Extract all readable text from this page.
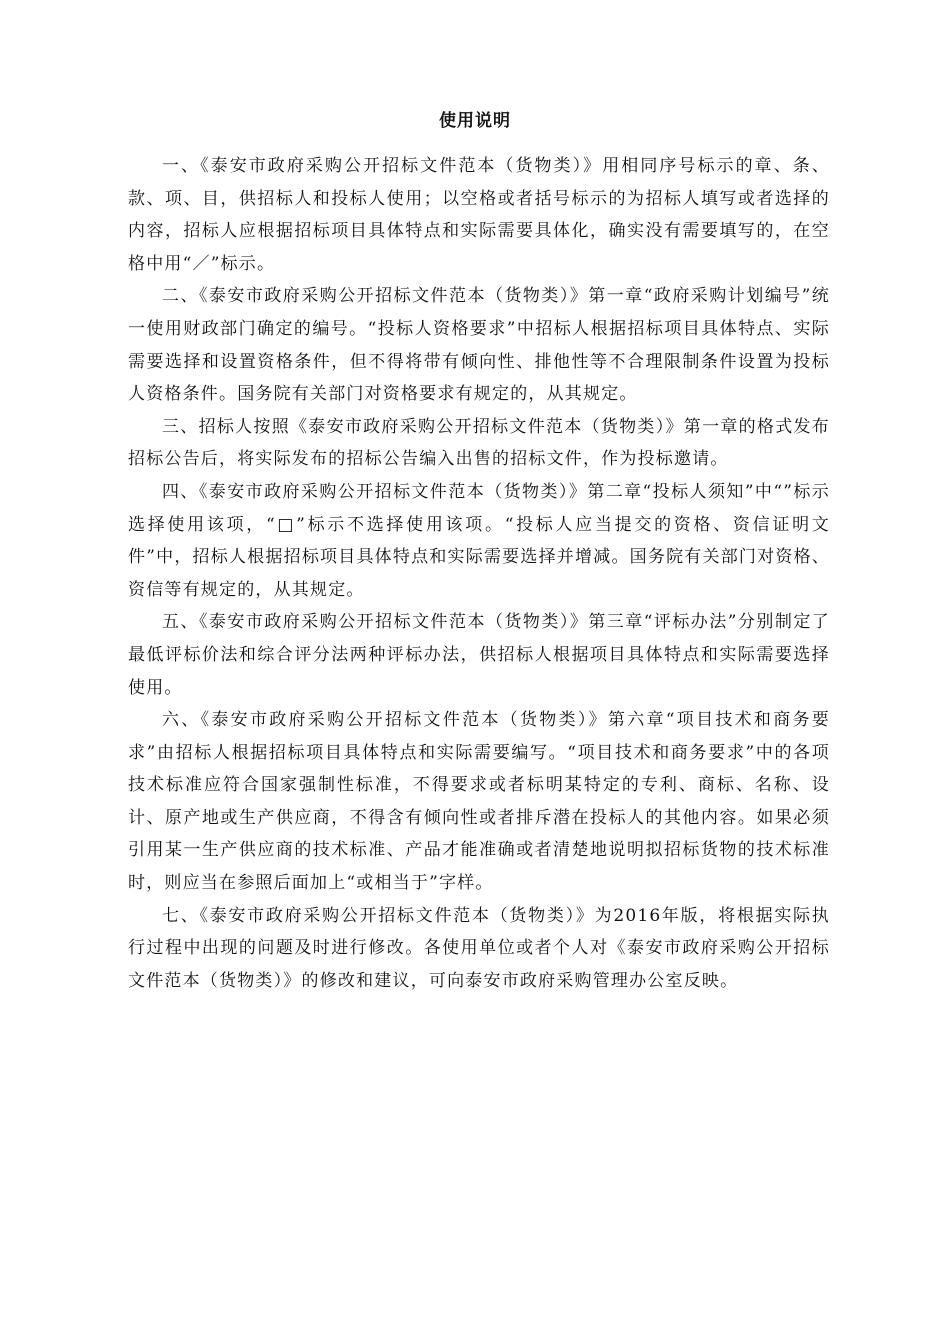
使用说明

一、《泰安市政府采购公开招标文件范本（货物类）》用相同序号标示的章、条、款、项、目，供招标人和投标人使用；以空格或者括号标示的为招标人填写或者选择的内容，招标人应根据招标项目具体特点和实际需要具体化，确实没有需要填写的，在空格中用“／”标示。

二、《泰安市政府采购公开招标文件范本（货物类）》第一章“政府采购计划编号”统一使用财政部门确定的编号。“投标人资格要求”中招标人根据招标项目具体特点、实际需要选择和设置资格条件，但不得将带有倾向性、排他性等不合理限制条件设置为投标人资格条件。国务院有关部门对资格要求有规定的，从其规定。

三、招标人按照《泰安市政府采购公开招标文件范本（货物类）》第一章的格式发布招标公告后，将实际发布的招标公告编入出售的招标文件，作为投标邀请。

四、《泰安市政府采购公开招标文件范本（货物类）》第二章“投标人须知”中“”标示选择使用该项，“□”标示不选择使用该项。“投标人应当提交的资格、资信证明文件”中，招标人根据招标项目具体特点和实际需要选择并增减。国务院有关部门对资格、资信等有规定的，从其规定。

五、《泰安市政府采购公开招标文件范本（货物类）》第三章“评标办法”分别制定了最低评标价法和综合评分法两种评标办法，供招标人根据项目具体特点和实际需要选择使用。

六、《泰安市政府采购公开招标文件范本（货物类）》第六章“项目技术和商务要求”由招标人根据招标项目具体特点和实际需要编写。“项目技术和商务要求”中的各项技术标准应符合国家强制性标准，不得要求或者标明某特定的专利、商标、名称、设计、原产地或生产供应商，不得含有倾向性或者排斥潜在投标人的其他内容。如果必须引用某一生产供应商的技术标准、产品才能准确或者清楚地说明拟招标货物的技术标准时，则应当在参照后面加上“或相当于”字样。

七、《泰安市政府采购公开招标文件范本（货物类）》为2016年版，将根据实际执行过程中出现的问题及时进行修改。各使用单位或者个人对《泰安市政府采购公开招标文件范本（货物类）》的修改和建议，可向泰安市政府采购管理办公室反映。
